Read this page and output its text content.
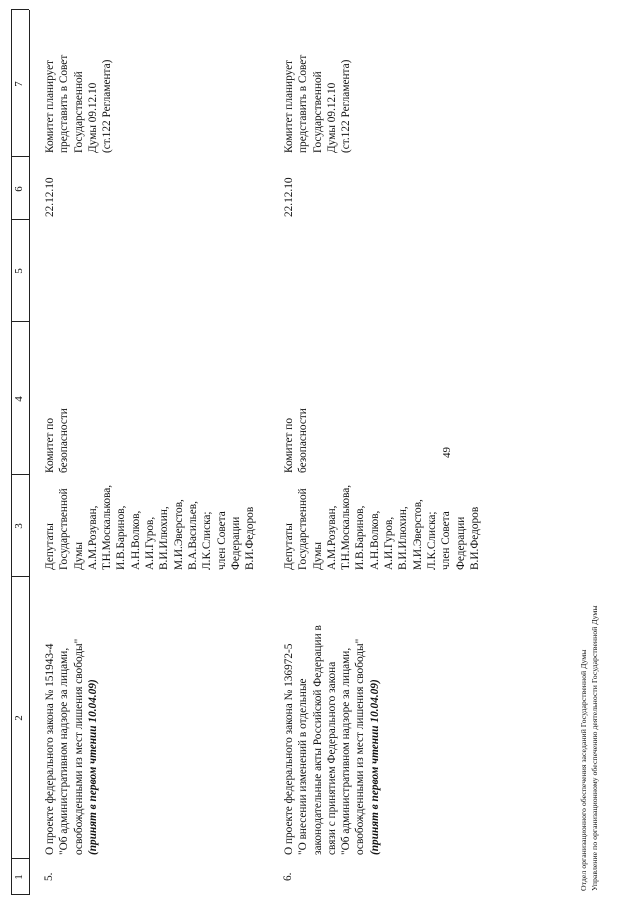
49
1
2
3
4
5
6
7
5.
О проекте федерального закона № 151943-4
"Об административном надзоре за лицами,
освобожденными из мест лишения свободы"
(принят в первом чтении 10.04.09)
Депутаты
Государственной
Думы
А.М.Розуван,
Т.Н.Москалькова,
И.В.Баринов,
А.Н.Волков,
А.И.Гуров,
В.И.Илюхин,
М.И.Эверстов,
В.А.Васильев,
Л.К.Слиска;
член Совета
Федерации
В.И.Федоров
Комитет по
безопасности
22.12.10
Комитет планирует
представить в Совет
Государственной
Думы 09.12.10
(ст.122 Регламента)
6.
О проекте федерального закона № 136972-5
"О внесении изменений в отдельные
законодательные акты Российской Федерации в
связи с принятием Федерального закона
"Об административном надзоре за лицами,
освобожденными из мест лишения свободы"
(принят в первом чтении 10.04.09)
Депутаты
Государственной
Думы
А.М.Розуван,
Т.Н.Москалькова,
И.В.Баринов,
А.Н.Волков,
А.И.Гуров,
В.И.Илюхин,
М.И.Эверстов,
Л.К.Слиска;
член Совета
Федерации
В.И.Федоров
Комитет по
безопасности
22.12.10
Комитет планирует
представить в Совет
Государственной
Думы 09.12.10
(ст.122 Регламента)
Отдел организационного обеспечения заседаний Государственной Думы Управление по организационному обеспечению деятельности Государственной Думы
